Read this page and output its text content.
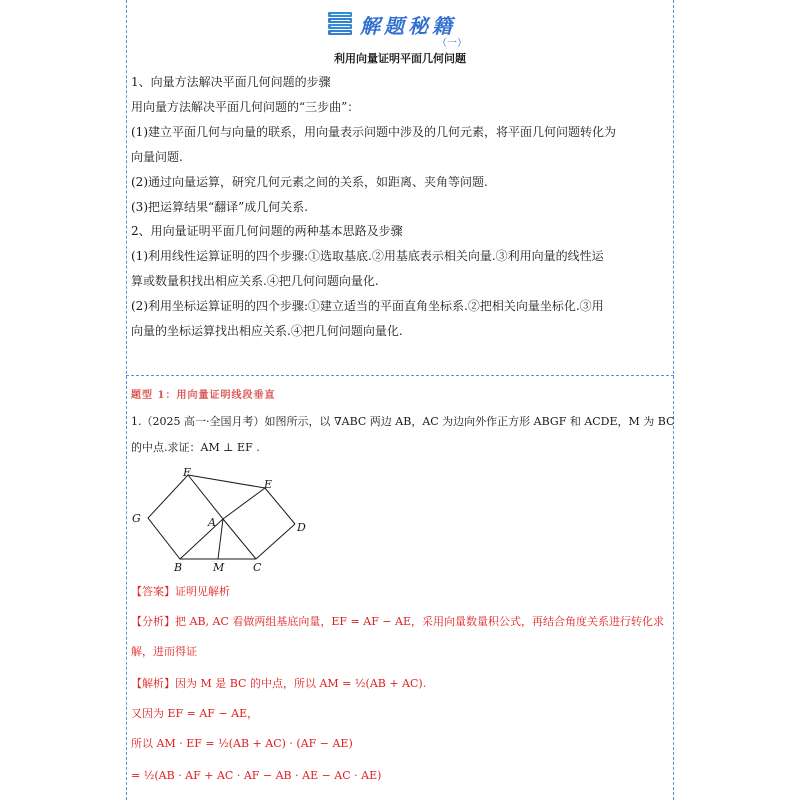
解题秘籍
（一）
利用向量证明平面几何问题
1、向量方法解决平面几何问题的步骤
用向量方法解决平面几何问题的“三步曲”：
(1)建立平面几何与向量的联系，用向量表示问题中涉及的几何元素，将平面几何问题转化为
向量问题.
(2)通过向量运算，研究几何元素之间的关系，如距离、夹角等问题.
(3)把运算结果“翻译”成几何关系.
2、用向量证明平面几何问题的两种基本思路及步骤
(1)利用线性运算证明的四个步骤:①选取基底.②用基底表示相关向量.③利用向量的线性运
算或数量积找出相应关系.④把几何问题向量化.
(2)利用坐标运算证明的四个步骤:①建立适当的平面直角坐标系.②把相关向量坐标化.③用
向量的坐标运算找出相应关系.④把几何问题向量化.
题型 1：用向量证明线段垂直
1.（2025 高一·全国月考）如图所示，以 ∇ABC 两边 AB，AC 为边向外作正方形 ABGF 和 ACDE，M 为 BC
的中点.求证：AM ⊥ EF .
F
E
G	A	D
B	M	C
【答案】证明见解析
【分析】把 AB, AC 看做两组基底向量，EF = AF − AE，采用向量数量积公式，再结合角度关系进行转化求
解，进而得证
【解析】因为 M 是 BC 的中点，所以 AM = ½(AB + AC).
又因为 EF = AF − AE，
所以 AM · EF = ½(AB + AC) · (AF − AE)
= ½(AB · AF + AC · AF − AB · AE − AC · AE)
